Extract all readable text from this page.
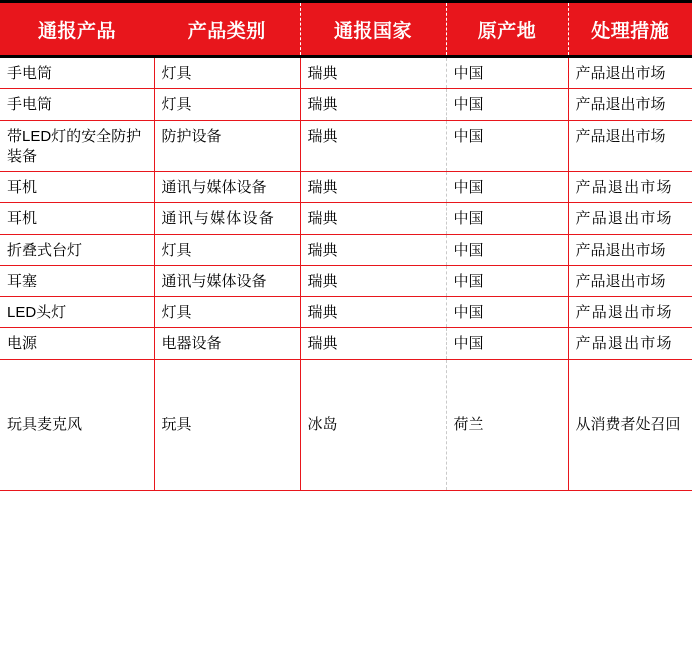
通报产品	产品类别	通报国家	原产地	处理措施
手电筒	灯具	瑞典	中国	产品退出市场
手电筒	灯具	瑞典	中国	产品退出市场
带LED灯的安全防护装备	防护设备	瑞典	中国	产品退出市场
耳机	通讯与媒体设备	瑞典	中国	产品退出市场
耳机	通讯与媒体设备	瑞典	中国	产品退出市场
折叠式台灯	灯具	瑞典	中国	产品退出市场
耳塞	通讯与媒体设备	瑞典	中国	产品退出市场
LED头灯	灯具	瑞典	中国	产品退出市场
电源	电器设备	瑞典	中国	产品退出市场
玩具麦克风	玩具	冰岛	荷兰	从消费者处召回
